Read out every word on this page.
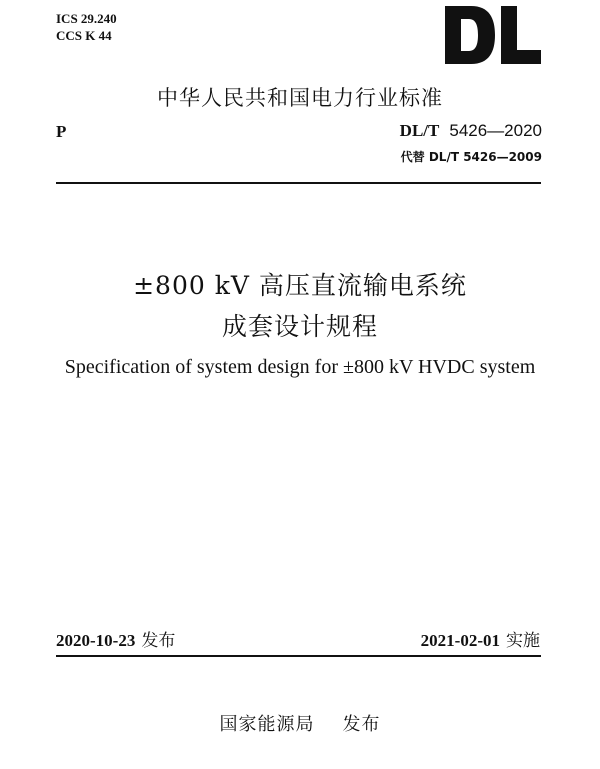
ICS 29.240
CCS K 44
中华人民共和国电力行业标准
P	DL/T 5426—2020
代替 DL/T 5426—2009
±800 kV 高压直流输电系统
成套设计规程
Specification of system design for ±800 kV HVDC system
2020-10-23 发布	2021-02-01 实施
国家能源局 发布
